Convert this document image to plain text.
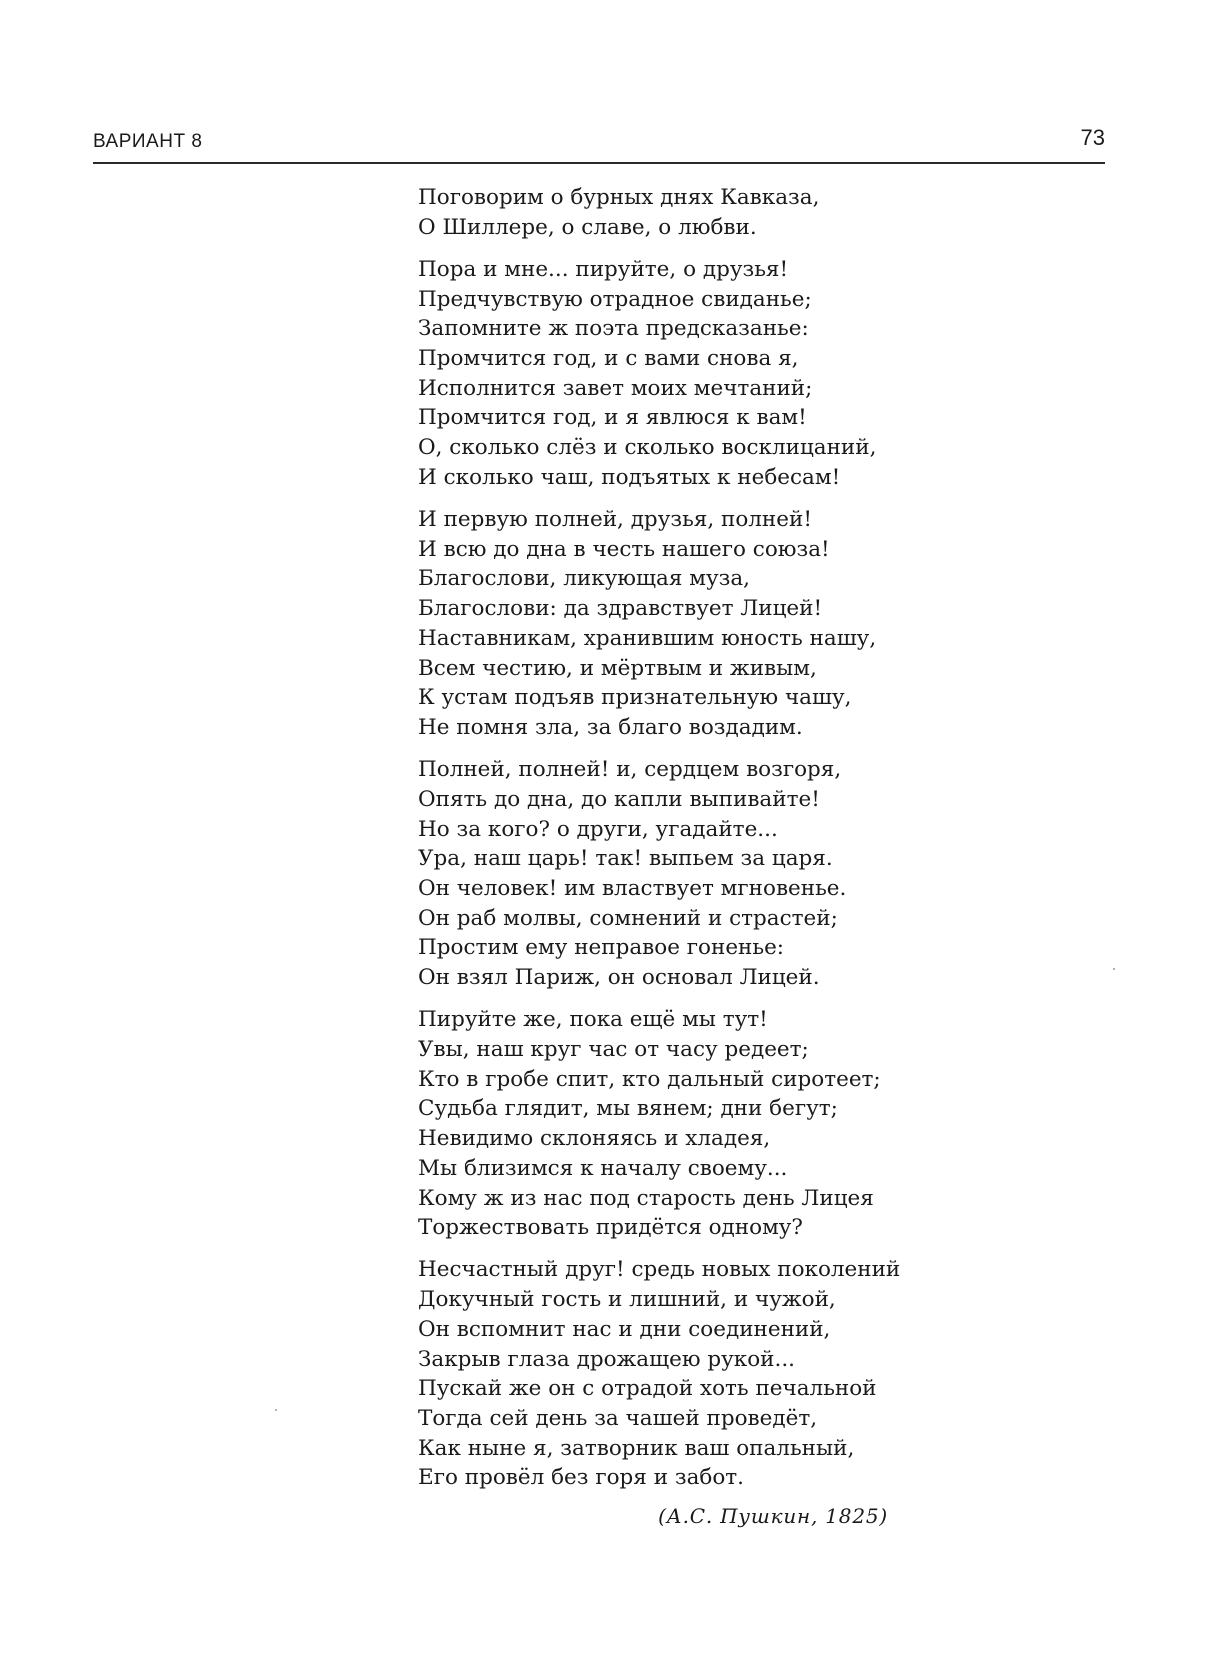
ВАРИАНТ 8	73
Поговорим о бурных днях Кавказа,
О Шиллере, о славе, о любви.
Пора и мне... пируйте, о друзья!
Предчувствую отрадное свиданье;
Запомните ж поэта предсказанье:
Промчится год, и с вами снова я,
Исполнится завет моих мечтаний;
Промчится год, и я явлюся к вам!
О, сколько слёз и сколько восклицаний,
И сколько чаш, подъятых к небесам!
И первую полней, друзья, полней!
И всю до дна в честь нашего союза!
Благослови, ликующая муза,
Благослови: да здравствует Лицей!
Наставникам, хранившим юность нашу,
Всем честию, и мёртвым и живым,
К устам подъяв признательную чашу,
Не помня зла, за благо воздадим.
Полней, полней! и, сердцем возгоря,
Опять до дна, до капли выпивайте!
Но за кого? о други, угадайте...
Ура, наш царь! так! выпьем за царя.
Он человек! им властвует мгновенье.
Он раб молвы, сомнений и страстей;
Простим ему неправое гоненье:
Он взял Париж, он основал Лицей.
Пируйте же, пока ещё мы тут!
Увы, наш круг час от часу редеет;
Кто в гробе спит, кто дальный сиротеет;
Судьба глядит, мы вянем; дни бегут;
Невидимо склоняясь и хладея,
Мы близимся к началу своему...
Кому ж из нас под старость день Лицея
Торжествовать придётся одному?
Несчастный друг! средь новых поколений
Докучный гость и лишний, и чужой,
Он вспомнит нас и дни соединений,
Закрыв глаза дрожащею рукой...
Пускай же он с отрадой хоть печальной
Тогда сей день за чашей проведёт,
Как ныне я, затворник ваш опальный,
Его провёл без горя и забот.
(А.С. Пушкин, 1825)
